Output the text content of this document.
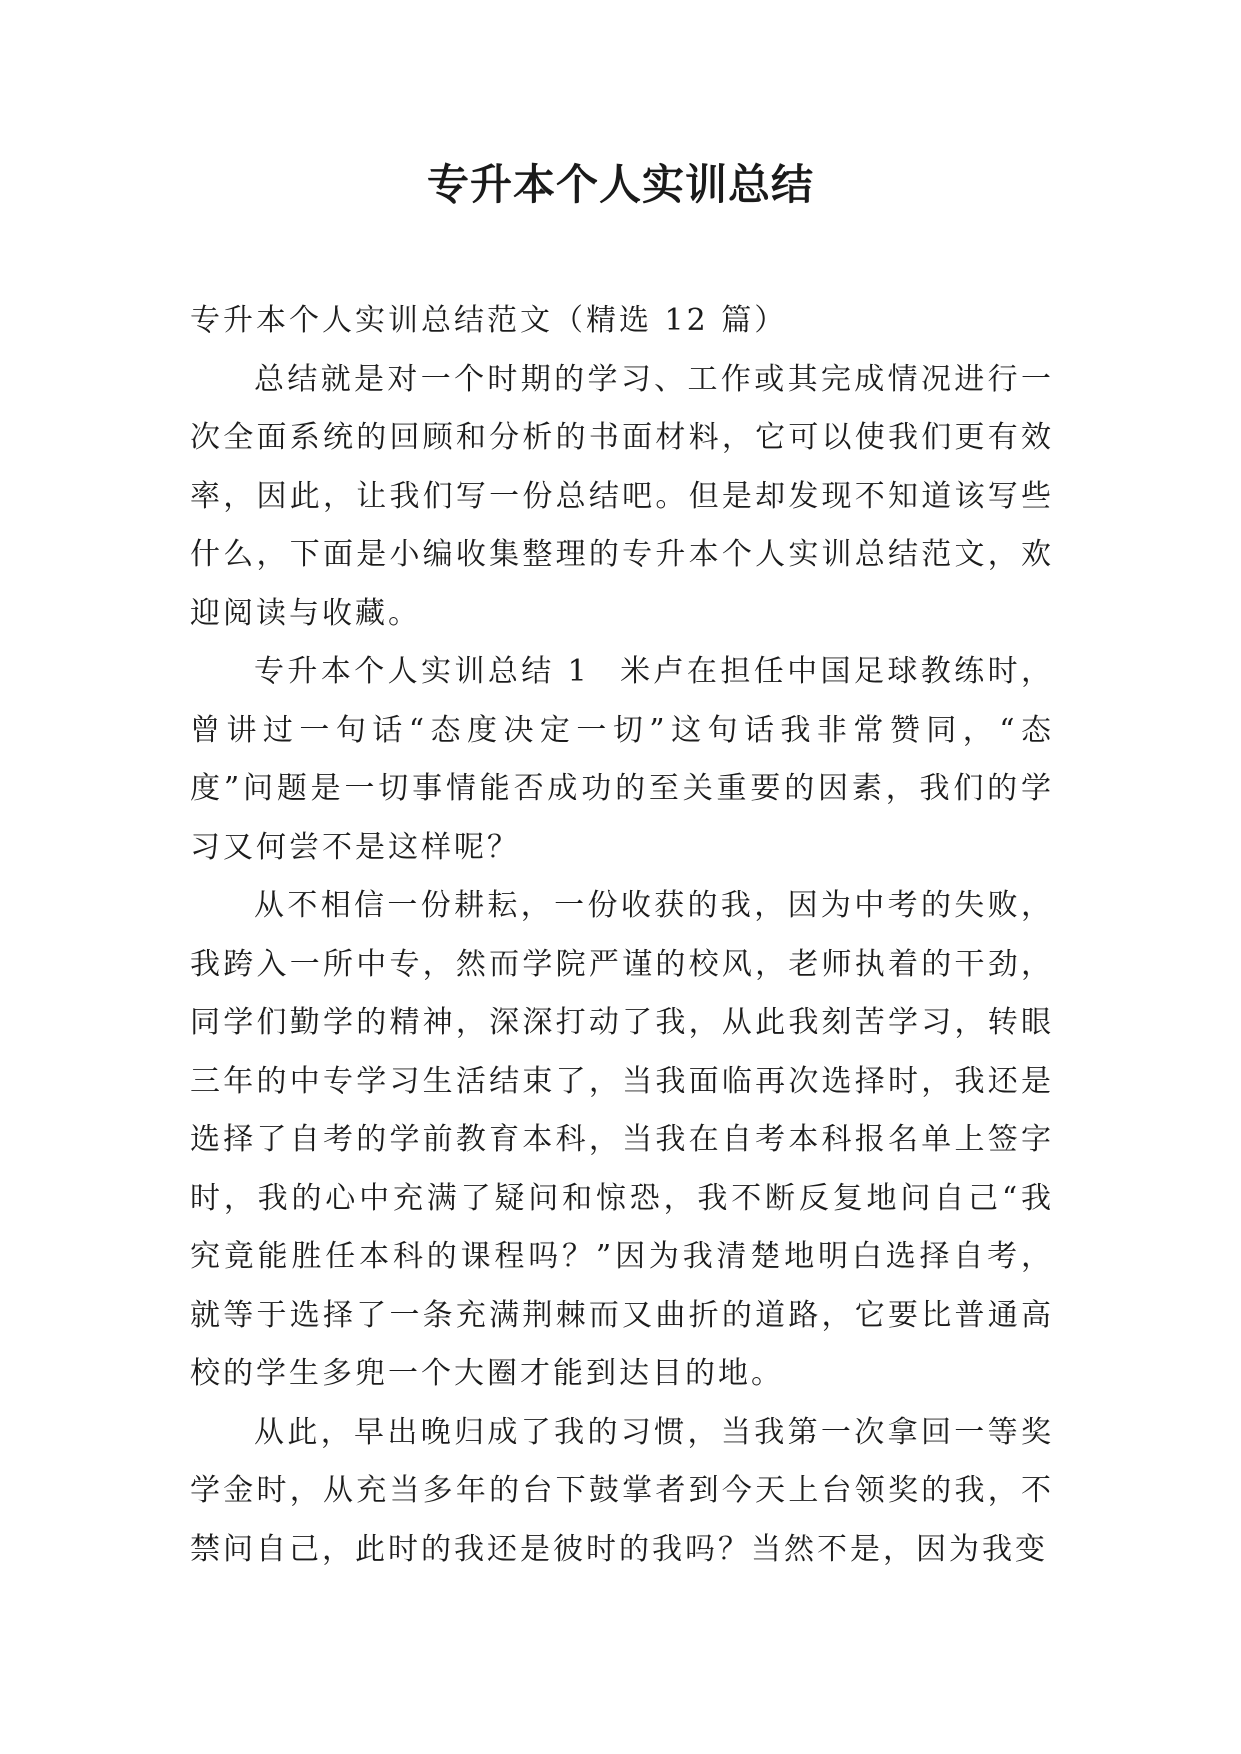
专升本个人实训总结

专升本个人实训总结范文（精选 12 篇）

总结就是对一个时期的学习、工作或其完成情况进行一次全面系统的回顾和分析的书面材料，它可以使我们更有效率，因此，让我们写一份总结吧。但是却发现不知道该写些什么，下面是小编收集整理的专升本个人实训总结范文，欢迎阅读与收藏。

专升本个人实训总结 1 米卢在担任中国足球教练时，曾讲过一句话“态度决定一切”这句话我非常赞同，“态度”问题是一切事情能否成功的至关重要的因素，我们的学习又何尝不是这样呢？

从不相信一份耕耘，一份收获的我，因为中考的失败，我跨入一所中专，然而学院严谨的校风，老师执着的干劲，同学们勤学的精神，深深打动了我，从此我刻苦学习，转眼三年的中专学习生活结束了，当我面临再次选择时，我还是选择了自考的学前教育本科，当我在自考本科报名单上签字时，我的心中充满了疑问和惊恐，我不断反复地问自己“我究竟能胜任本科的课程吗？”因为我清楚地明白选择自考，就等于选择了一条充满荆棘而又曲折的道路，它要比普通高校的学生多兜一个大圈才能到达目的地。

从此，早出晚归成了我的习惯，当我第一次拿回一等奖学金时，从充当多年的台下鼓掌者到今天上台领奖的我，不禁问自己，此时的我还是彼时的我吗？当然不是，因为我变
